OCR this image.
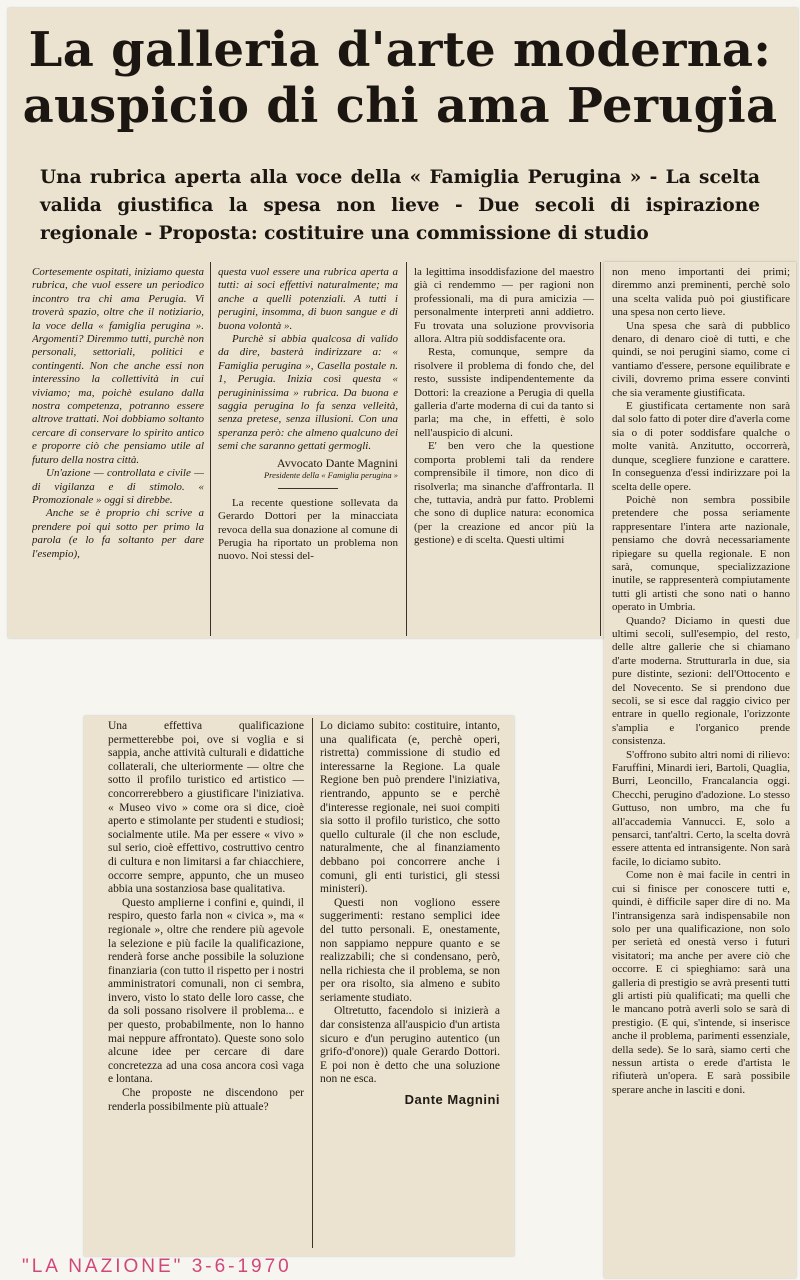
La galleria d'arte moderna: auspicio di chi ama Perugia

Una rubrica aperta alla voce della « Famiglia Perugina » - La scelta valida giustifica la spesa non lieve - Due secoli di ispirazione regionale - Proposta: costituire una commissione di studio

Cortesemente ospitati, iniziamo questa rubrica, che vuol essere un periodico incontro tra chi ama Perugia. Vi troverà spazio, oltre che il notiziario, la voce della « famiglia perugina ». Argomenti? Diremmo tutti, purchè non personali, settoriali, politici e contingenti. Non che anche essi non interessino la collettività in cui viviamo; ma, poichè esulano dalla nostra competenza, potranno essere altrove trattati. Noi dobbiamo soltanto cercare di conservare lo spirito antico e proporre ciò che pensiamo utile al futuro della nostra città.

Un'azione — controllata e civile — di vigilanza e di stimolo. « Promozionale » oggi si direbbe.

Anche se è proprio chi scrive a prendere poi qui sotto per primo la parola (e lo fa soltanto per dare l'esempio),

questa vuol essere una rubrica aperta a tutti: ai soci effettivi naturalmente; ma anche a quelli potenziali. A tutti i perugini, insomma, di buon sangue e di buona volontà ».

Purchè si abbia qualcosa di valido da dire, basterà indirizzare a: « Famiglia perugina », Casella postale n. 1, Perugia. Inizia così questa « perugininissima » rubrica. Da buona e saggia perugina lo fa senza velleità, senza pretese, senza illusioni. Con una speranza però: che almeno qualcuno dei semi che saranno gettati germogli.

Avvocato Dante Magnini
Presidente della « Famiglia perugina »

La recente questione sollevata da Gerardo Dottori per la minacciata revoca della sua donazione al comune di Perugia ha riportato un problema non nuovo. Noi stessi del-

la legittima insoddisfazione del maestro già ci rendemmo — per ragioni non professionali, ma di pura amicizia — personalmente interpreti anni addietro. Fu trovata una soluzione provvisoria allora. Altra più soddisfacente ora.

Resta, comunque, sempre da risolvere il problema di fondo che, del resto, sussiste indipendentemente da Dottori: la creazione a Perugia di quella galleria d'arte moderna di cui da tanto si parla; ma che, in effetti, è solo nell'auspicio di alcuni.

E' ben vero che la questione comporta problemi tali da rendere comprensibile il timore, non dico di risolverla; ma sinanche d'affrontarla. Il che, tuttavia, andrà pur fatto. Problemi che sono di duplice natura: economica (per la creazione ed ancor più la gestione) e di scelta. Questi ultimi

non meno importanti dei primi; diremmo anzi preminenti, perchè solo una scelta valida può poi giustificare una spesa non certo lieve.

Una spesa che sarà di pubblico denaro, di denaro cioè di tutti, e che quindi, se noi perugini siamo, come ci vantiamo d'essere, persone equilibrate e civili, dovremo prima essere convinti che sia veramente giustificata.

E giustificata certamente non sarà dal solo fatto di poter dire d'averla come sia o di poter soddisfare qualche o molte vanità. Anzitutto, occorrerà, dunque, scegliere funzione e carattere. In conseguenza d'essi indirizzare poi la scelta delle opere.

Poichè non sembra possibile pretendere che possa seriamente rappresentare l'intera arte nazionale, pensiamo che dovrà necessariamente ripiegare su quella regionale. E non sarà, comunque, specializzazione inutile, se rappresenterà compiutamente tutti gli artisti che sono nati o hanno operato in Umbria.

Quando? Diciamo in questi due ultimi secoli, sull'esempio, del resto, delle altre gallerie che si chiamano d'arte moderna. Strutturarla in due, sia pure distinte, sezioni: dell'Ottocento e del Novecento. Se si prendono due secoli, se si esce dal raggio civico per entrare in quello regionale, l'orizzonte s'amplia e l'organico prende consistenza.

S'offrono subito altri nomi di rilievo: Faruffini, Minardi ieri, Bartoli, Quaglia, Burri, Leoncillo, Francalancia oggi. Checchi, perugino d'adozione. Lo stesso Guttuso, non umbro, ma che fu all'accademia Vannucci. E, solo a pensarci, tant'altri. Certo, la scelta dovrà essere attenta ed intransigente. Non sarà facile, lo diciamo subito.

Come non è mai facile in centri in cui si finisce per conoscere tutti e, quindi, è difficile saper dire di no. Ma l'intransigenza sarà indispensabile non solo per una qualificazione, non solo per serietà ed onestà verso i futuri visitatori; ma anche per avere ciò che occorre. E ci spieghiamo: sarà una galleria di prestigio se avrà presenti tutti gli artisti più qualificati; ma quelli che le mancano potrà averli solo se sarà di prestigio. (E qui, s'intende, si inserisce anche il problema, parimenti essenziale, della sede). Se lo sarà, siamo certi che nessun artista o erede d'artista le rifiuterà un'opera. E sarà possibile sperare anche in lasciti e doni.

Una effettiva qualificazione permetterebbe poi, ove si voglia e si sappia, anche attività culturali e didattiche collaterali, che ulteriormente — oltre che sotto il profilo turistico ed artistico — concorrerebbero a giustificare l'iniziativa. « Museo vivo » come ora si dice, cioè aperto e stimolante per studenti e studiosi; socialmente utile. Ma per essere « vivo » sul serio, cioè effettivo, costruttivo centro di cultura e non limitarsi a far chiacchiere, occorre sempre, appunto, che un museo abbia una sostanziosa base qualitativa.

Questo amplierne i confini e, quindi, il respiro, questo farla non « civica », ma « regionale », oltre che rendere più agevole la selezione e più facile la qualificazione, renderà forse anche possibile la soluzione finanziaria (con tutto il rispetto per i nostri amministratori comunali, non ci sembra, invero, visto lo stato delle loro casse, che da soli possano risolvere il problema... e per questo, probabilmente, non lo hanno mai neppure affrontato). Queste sono solo alcune idee per cercare di dare concretezza ad una cosa ancora così vaga e lontana.

Che proposte ne discendono per renderla possibilmente più attuale?

Lo diciamo subito: costituire, intanto, una qualificata (e, perchè operi, ristretta) commissione di studio ed interessarne la Regione. La quale Regione ben può prendere l'iniziativa, rientrando, appunto se e perchè d'interesse regionale, nei suoi compiti sia sotto il profilo turistico, che sotto quello culturale (il che non esclude, naturalmente, che al finanziamento debbano poi concorrere anche i comuni, gli enti turistici, gli stessi ministeri).

Questi non vogliono essere suggerimenti: restano semplici idee del tutto personali. E, onestamente, non sappiamo neppure quanto e se realizzabili; che si condensano, però, nella richiesta che il problema, se non per ora risolto, sia almeno e subito seriamente studiato.

Oltretutto, facendolo si inizierà a dar consistenza all'auspicio d'un artista sicuro e d'un perugino autentico (un grifo-d'onore)) quale Gerardo Dottori. E poi non è detto che una soluzione non ne esca.

Dante Magnini

"LA NAZIONE" 3-6-1970
